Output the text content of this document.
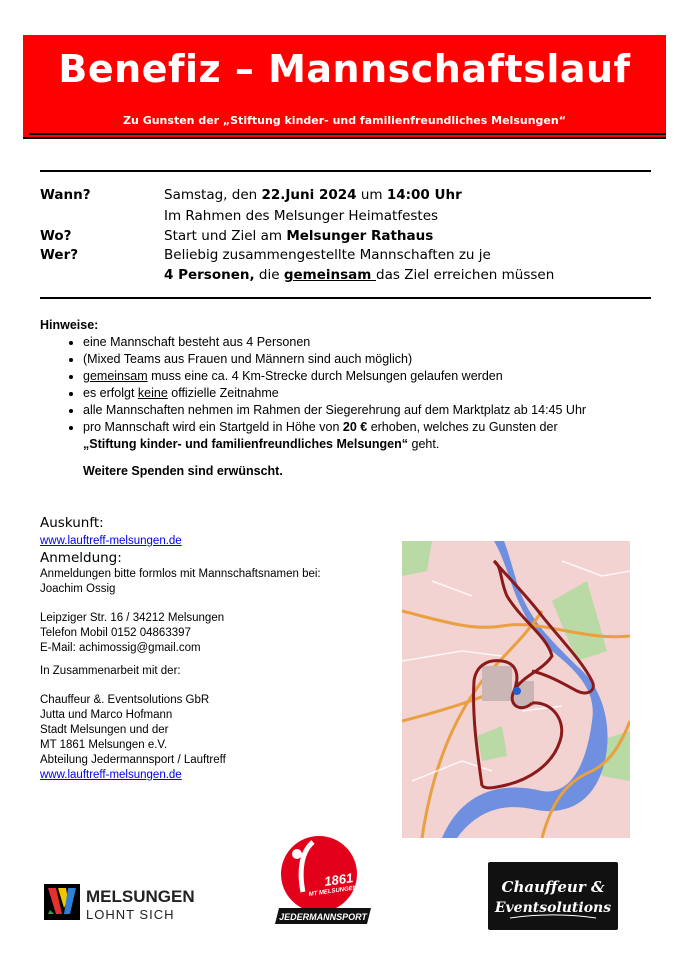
Benefiz – Mannschaftslauf
Zu Gunsten der „Stiftung kinder- und familienfreundliches Melsungen“
Wann?	Samstag, den 22.Juni 2024 um 14:00 Uhr
Im Rahmen des Melsunger Heimatfestes
Wo?	Start und Ziel am Melsunger Rathaus
Wer?	Beliebig zusammengestellte Mannschaften zu je
4 Personen, die gemeinsam das Ziel erreichen müssen
Hinweise:
• eine Mannschaft besteht aus 4 Personen
• (Mixed Teams aus Frauen und Männern sind auch möglich)
• gemeinsam muss eine ca. 4 Km-Strecke durch Melsungen gelaufen werden
• es erfolgt keine offizielle Zeitnahme
• alle Mannschaften nehmen im Rahmen der Siegerehrung auf dem Marktplatz ab 14:45 Uhr
• pro Mannschaft wird ein Startgeld in Höhe von 20 € erhoben, welches zu Gunsten der
„Stiftung kinder- und familienfreundliches Melsungen“ geht.
Weitere Spenden sind erwünscht.
Auskunft:
www.lauftreff-melsungen.de
Anmeldung:
Anmeldungen bitte formlos mit Mannschaftsnamen bei:
Joachim Ossig
Leipziger Str. 16 / 34212 Melsungen
Telefon Mobil 0152 04863397
E-Mail: achimossig@gmail.com
In Zusammenarbeit mit der:
Chauffeur &. Eventsolutions GbR
Jutta und Marco Hofmann
Stadt Melsungen und der
MT 1861 Melsungen e.V.
Abteilung Jedermannsport / Lauftreff
www.lauftreff-melsungen.de
MELSUNGEN
LOHNT SICH
1861
MT MELSUNGEN
JEDERMANNSPORT
Chauffeur &
Eventsolutions
